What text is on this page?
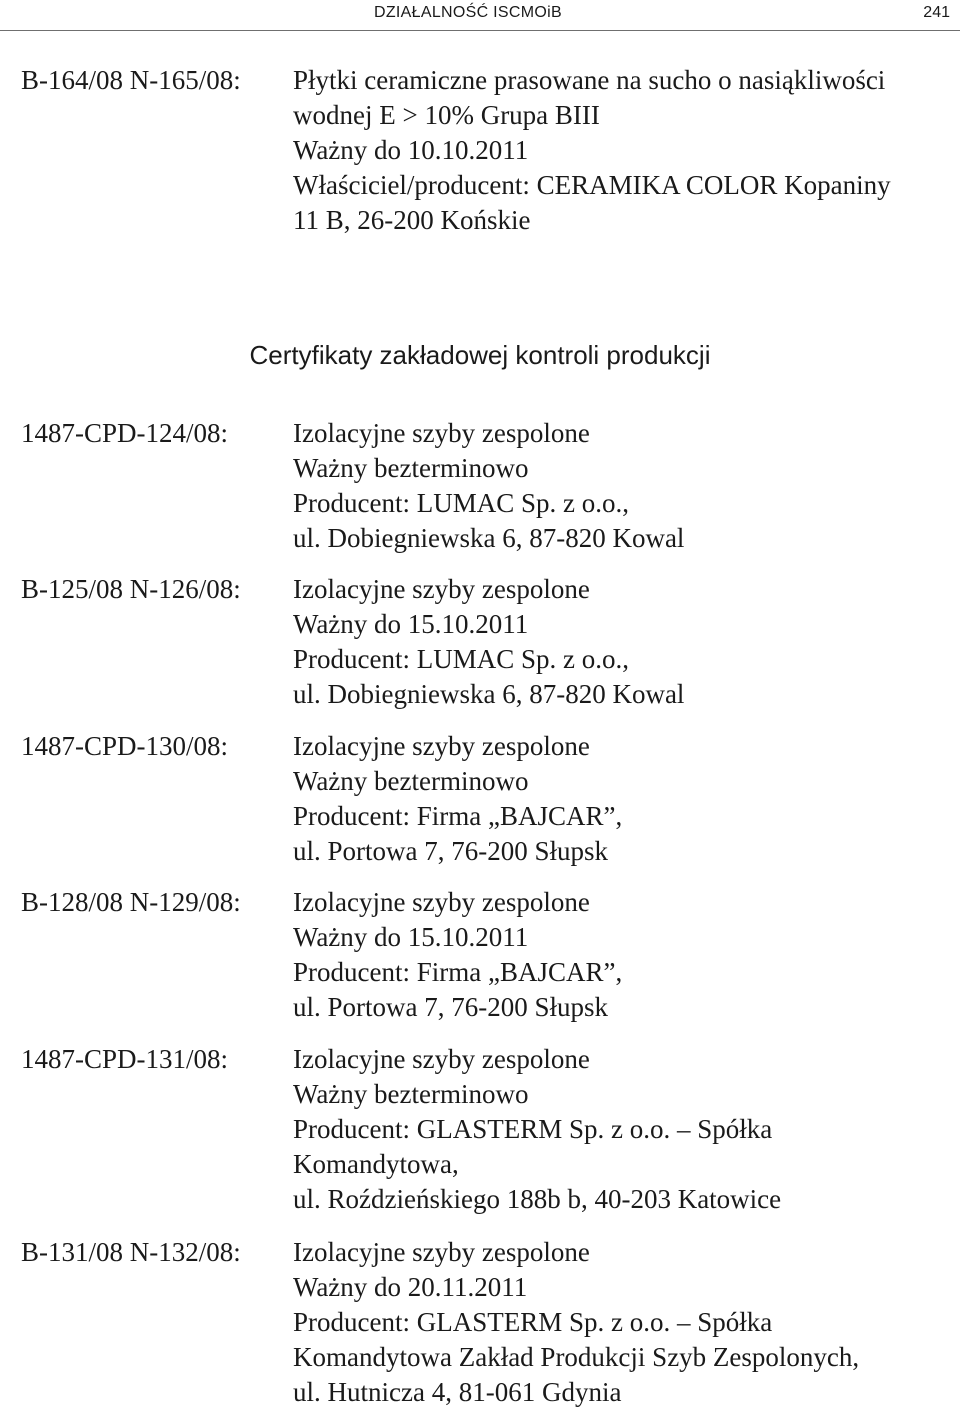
DZIAŁALNOŚĆ ISCMOiB	241
B-164/08 N-165/08: Płytki ceramiczne prasowane na sucho o nasiąkliwości
wodnej E > 10% Grupa BIII
Ważny do 10.10.2011
Właściciel/producent: CERAMIKA COLOR Kopaniny
11 B, 26-200 Końskie
Certyfikaty zakładowej kontroli produkcji
1487-CPD-124/08: Izolacyjne szyby zespolone
Ważny bezterminowo
Producent: LUMAC Sp. z o.o.,
ul. Dobiegniewska 6, 87-820 Kowal
B-125/08 N-126/08: Izolacyjne szyby zespolone
Ważny do 15.10.2011
Producent: LUMAC Sp. z o.o.,
ul. Dobiegniewska 6, 87-820 Kowal
1487-CPD-130/08: Izolacyjne szyby zespolone
Ważny bezterminowo
Producent: Firma „BAJCAR”,
ul. Portowa 7, 76-200 Słupsk
B-128/08 N-129/08: Izolacyjne szyby zespolone
Ważny do 15.10.2011
Producent: Firma „BAJCAR”,
ul. Portowa 7, 76-200 Słupsk
1487-CPD-131/08: Izolacyjne szyby zespolone
Ważny bezterminowo
Producent: GLASTERM Sp. z o.o. – Spółka
Komandytowa,
ul. Roździeńskiego 188b b, 40-203 Katowice
B-131/08 N-132/08: Izolacyjne szyby zespolone
Ważny do 20.11.2011
Producent: GLASTERM Sp. z o.o. – Spółka
Komandytowa Zakład Produkcji Szyb Zespolonych,
ul. Hutnicza 4, 81-061 Gdynia
